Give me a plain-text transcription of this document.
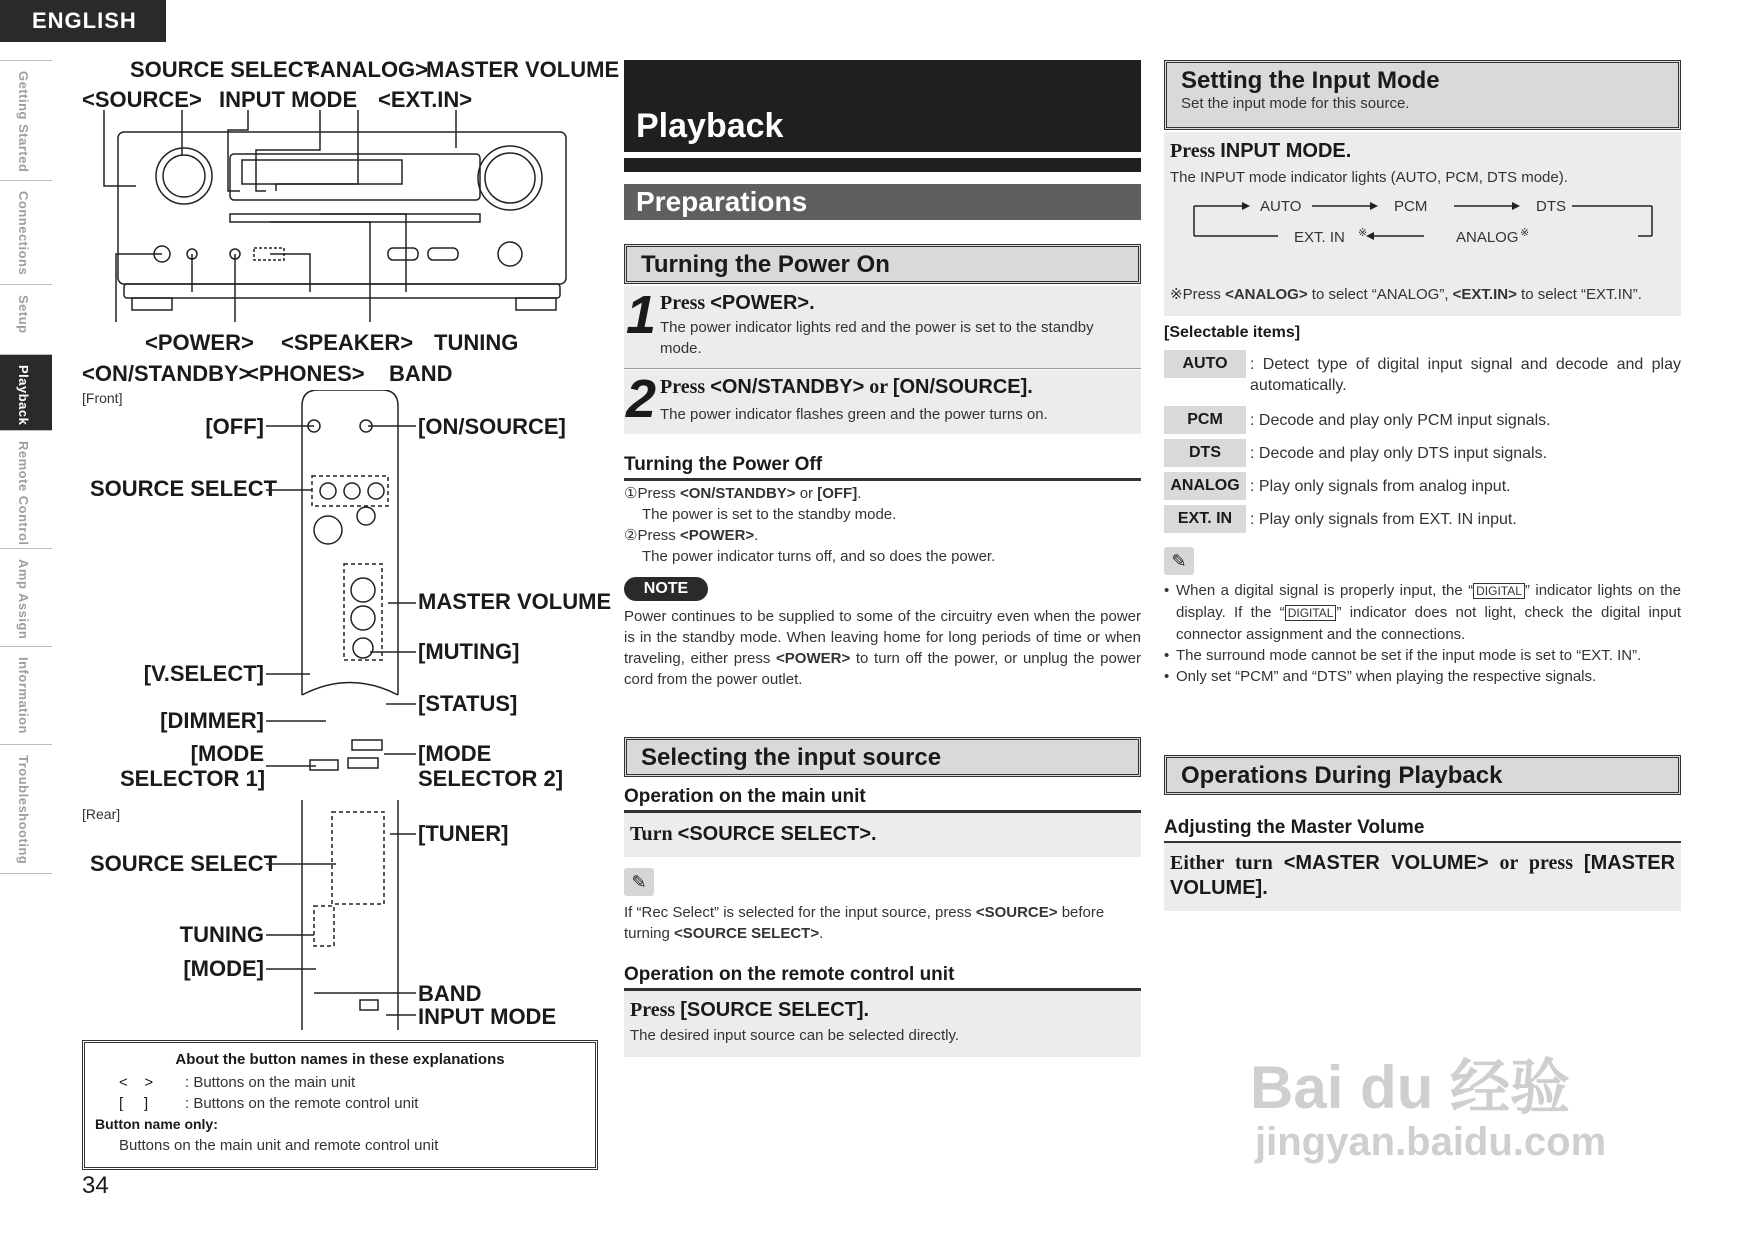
ENGLISH
Getting Started
Connections
Setup
Playback
Remote Control
Amp Assign
Information
Troubleshooting
SOURCE SELECT
<ANALOG>
MASTER VOLUME
<SOURCE> INPUT MODE <EXT.IN>
<POWER> <SPEAKER> TUNING
<ON/STANDBY>
<PHONES> BAND
[Front]
[Rear]
[OFF]
SOURCE SELECT
[V.SELECT]
[DIMMER]
[MODE
SELECTOR 1]
SOURCE SELECT
TUNING
[MODE]
[ON/SOURCE]
MASTER VOLUME
[MUTING]
[STATUS]
[MODE
SELECTOR 2]
[TUNER]
BAND
INPUT MODE
About the button names in these explanations
<    > : Buttons on the main unit
[     ] : Buttons on the remote control unit
Button name only:
Buttons on the main unit and remote control unit
34
Playback
Preparations
Turning the Power On
1 Press <POWER>.
The power indicator lights red and the power is set to the standby mode.
2 Press <ON/STANDBY> or [ON/SOURCE].
The power indicator flashes green and the power turns on.
Turning the Power Off
①Press <ON/STANDBY> or [OFF].
The power is set to the standby mode.
②Press <POWER>.
The power indicator turns off, and so does the power.
NOTE
Power continues to be supplied to some of the circuitry even when the power is in the standby mode. When leaving home for long periods of time or when traveling, either press <POWER> to turn off the power, or unplug the power cord from the power outlet.
Selecting the input source
Operation on the main unit
Turn <SOURCE SELECT>.
✎
If “Rec Select” is selected for the input source, press <SOURCE> before turning <SOURCE SELECT>.
Operation on the remote control unit
Press [SOURCE SELECT].
The desired input source can be selected directly.
Setting the Input Mode
Set the input mode for this source.
Press INPUT MODE.
The INPUT mode indicator lights (AUTO, PCM, DTS mode).
AUTO	PCM	DTS
EXT. IN ※	ANALOG ※
※Press <ANALOG> to select “ANALOG”, <EXT.IN> to select “EXT.IN”.
[Selectable items]
AUTO	: Detect type of digital input signal and decode and play automatically.
PCM	: Decode and play only PCM input signals.
DTS	: Decode and play only DTS input signals.
ANALOG : Play only signals from analog input.
EXT. IN	: Play only signals from EXT. IN input.
✎
• When a digital signal is properly input, the “ DIGITAL ” indicator lights on the display. If the “ DIGITAL ” indicator does not light, check the digital input connector assignment and the connections.
• The surround mode cannot be set if the input mode is set to “EXT. IN”.
• Only set “PCM” and “DTS” when playing the respective signals.
Operations During Playback
Adjusting the Master Volume
Either turn <MASTER VOLUME> or press [MASTER VOLUME].
Bai du 经验
jingyan.baidu.com
